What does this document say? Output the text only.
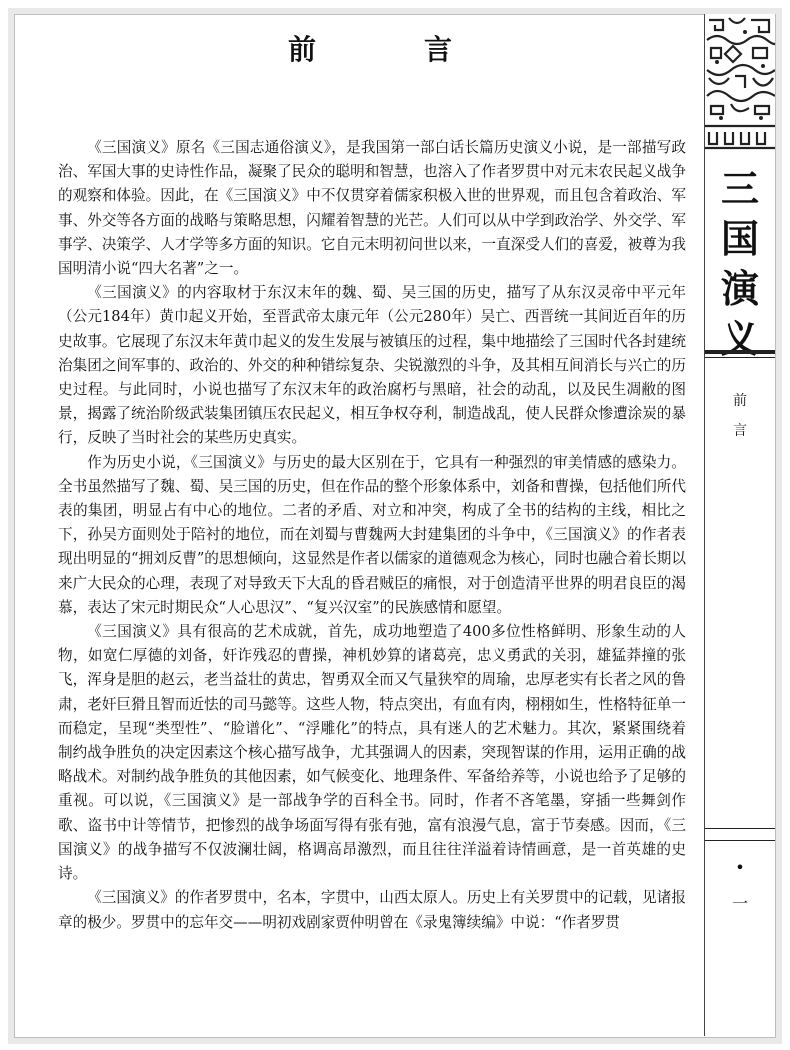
前　言

《三国演义》原名《三国志通俗演义》，是我国第一部白话长篇历史演义小说，是一部描写政治、军国大事的史诗性作品，凝聚了民众的聪明和智慧，也溶入了作者罗贯中对元末农民起义战争的观察和体验。因此，在《三国演义》中不仅贯穿着儒家积极入世的世界观，而且包含着政治、军事、外交等各方面的战略与策略思想，闪耀着智慧的光芒。人们可以从中学到政治学、外交学、军事学、决策学、人才学等多方面的知识。它自元末明初问世以来，一直深受人们的喜爱，被尊为我国明清小说“四大名著”之一。

《三国演义》的内容取材于东汉末年的魏、蜀、吴三国的历史，描写了从东汉灵帝中平元年（公元184年）黄巾起义开始，至晋武帝太康元年（公元280年）吴亡、西晋统一其间近百年的历史故事。它展现了东汉末年黄巾起义的发生发展与被镇压的过程，集中地描绘了三国时代各封建统治集团之间军事的、政治的、外交的种种错综复杂、尖锐激烈的斗争，及其相互间消长与兴亡的历史过程。与此同时，小说也描写了东汉末年的政治腐朽与黑暗，社会的动乱，以及民生凋敝的图景，揭露了统治阶级武装集团镇压农民起义，相互争权夺利，制造战乱，使人民群众惨遭涂炭的暴行，反映了当时社会的某些历史真实。

作为历史小说，《三国演义》与历史的最大区别在于，它具有一种强烈的审美情感的感染力。全书虽然描写了魏、蜀、吴三国的历史，但在作品的整个形象体系中，刘备和曹操，包括他们所代表的集团，明显占有中心的地位。二者的矛盾、对立和冲突，构成了全书的结构的主线，相比之下，孙吴方面则处于陪衬的地位，而在刘蜀与曹魏两大封建集团的斗争中，《三国演义》的作者表现出明显的“拥刘反曹”的思想倾向，这显然是作者以儒家的道德观念为核心，同时也融合着长期以来广大民众的心理，表现了对导致天下大乱的昏君贼臣的痛恨，对于创造清平世界的明君良臣的渴慕，表达了宋元时期民众“人心思汉”、“复兴汉室”的民族感情和愿望。

《三国演义》具有很高的艺术成就，首先，成功地塑造了400多位性格鲜明、形象生动的人物，如宽仁厚德的刘备，奸诈残忍的曹操，神机妙算的诸葛亮，忠义勇武的关羽，雄猛莽撞的张飞，浑身是胆的赵云，老当益壮的黄忠，智勇双全而又气量狭窄的周瑜，忠厚老实有长者之风的鲁肃，老奸巨猾且智而近怯的司马懿等。这些人物，特点突出，有血有肉，栩栩如生，性格特征单一而稳定，呈现“类型性”、“脸谱化”、“浮雕化”的特点，具有迷人的艺术魅力。其次，紧紧围绕着制约战争胜负的决定因素这个核心描写战争，尤其强调人的因素，突现智谋的作用，运用正确的战略战术。对制约战争胜负的其他因素，如气候变化、地理条件、军备给养等，小说也给予了足够的重视。可以说，《三国演义》是一部战争学的百科全书。同时，作者不吝笔墨，穿插一些舞剑作歌、盗书中计等情节，把惨烈的战争场面写得有张有弛，富有浪漫气息，富于节奏感。因而，《三国演义》的战争描写不仅波澜壮阔，格调高昂激烈，而且往往洋溢着诗情画意，是一首英雄的史诗。

《三国演义》的作者罗贯中，名本，字贯中，山西太原人。历史上有关罗贯中的记载，见诸报章的极少。罗贯中的忘年交——明初戏剧家贾仲明曾在《录鬼簿续编》中说：“作者罗贯

三
国
演
义
前
言
•
一
